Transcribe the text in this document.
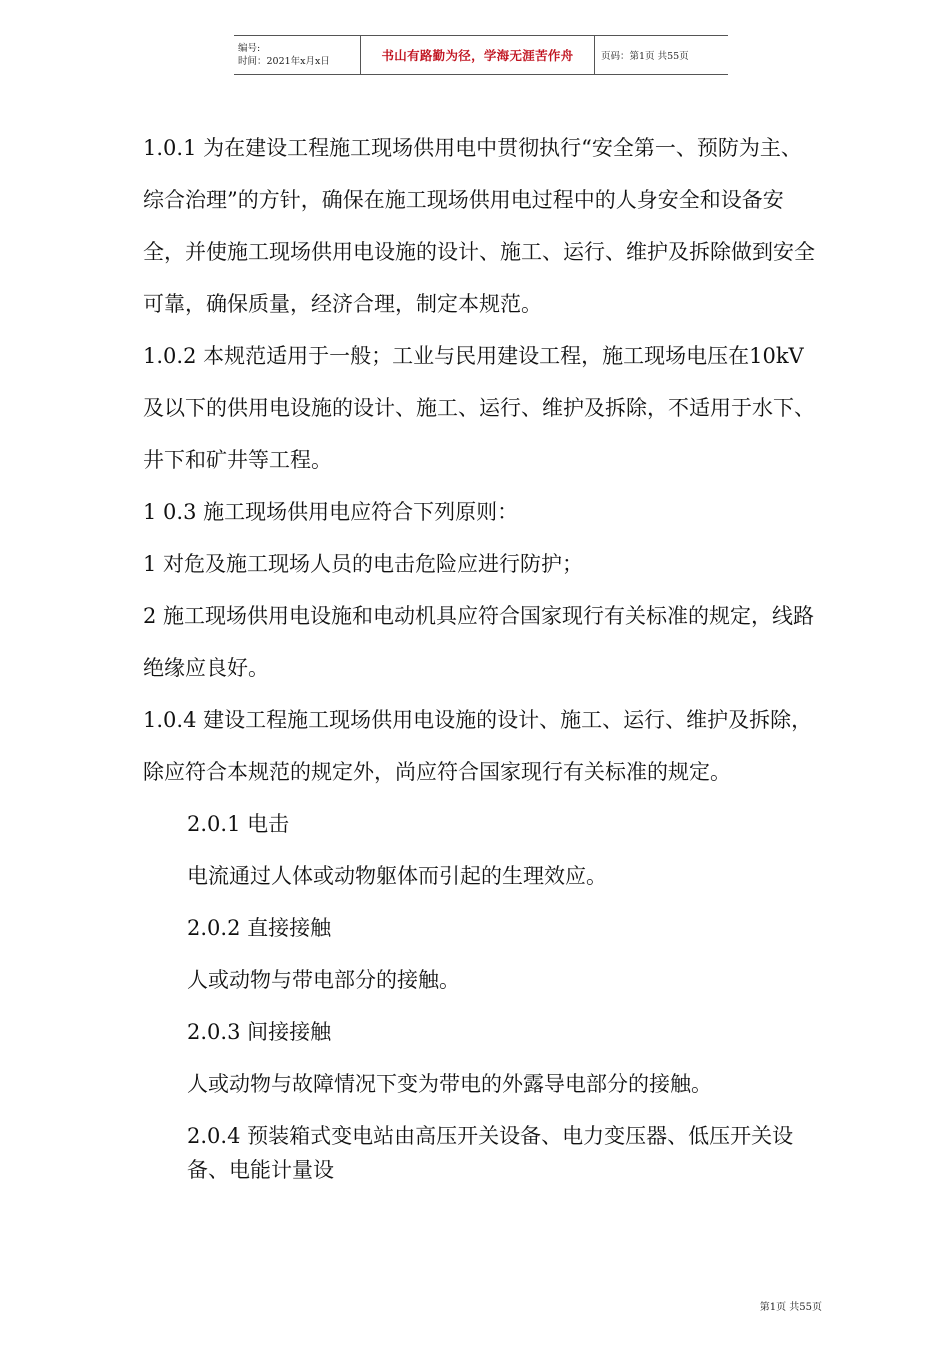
编号:
时间：2021年x月x日	书山有路勤为径，学海无涯苦作舟	页码：第1页 共55页

1.0.1 为在建设工程施工现场供用电中贯彻执行“安全第一、预防为主、综合治理”的方针，确保在施工现场供用电过程中的人身安全和设备安全，并使施工现场供用电设施的设计、施工、运行、维护及拆除做到安全可靠，确保质量，经济合理，制定本规范。

1.0.2 本规范适用于一般；工业与民用建设工程，施工现场电压在10kV及以下的供用电设施的设计、施工、运行、维护及拆除，不适用于水下、井下和矿井等工程。

1 0.3 施工现场供用电应符合下列原则：

1 对危及施工现场人员的电击危险应进行防护；

2 施工现场供用电设施和电动机具应符合国家现行有关标准的规定，线路绝缘应良好。

1.0.4 建设工程施工现场供用电设施的设计、施工、运行、维护及拆除，除应符合本规范的规定外，尚应符合国家现行有关标准的规定。

2.0.1 电击

电流通过人体或动物躯体而引起的生理效应。

2.0.2 直接接触

人或动物与带电部分的接触。

2.0.3 间接接触

人或动物与故障情况下变为带电的外露导电部分的接触。

2.0.4 预装箱式变电站由高压开关设备、电力变压器、低压开关设 备、电能计量设
第1页 共55页
